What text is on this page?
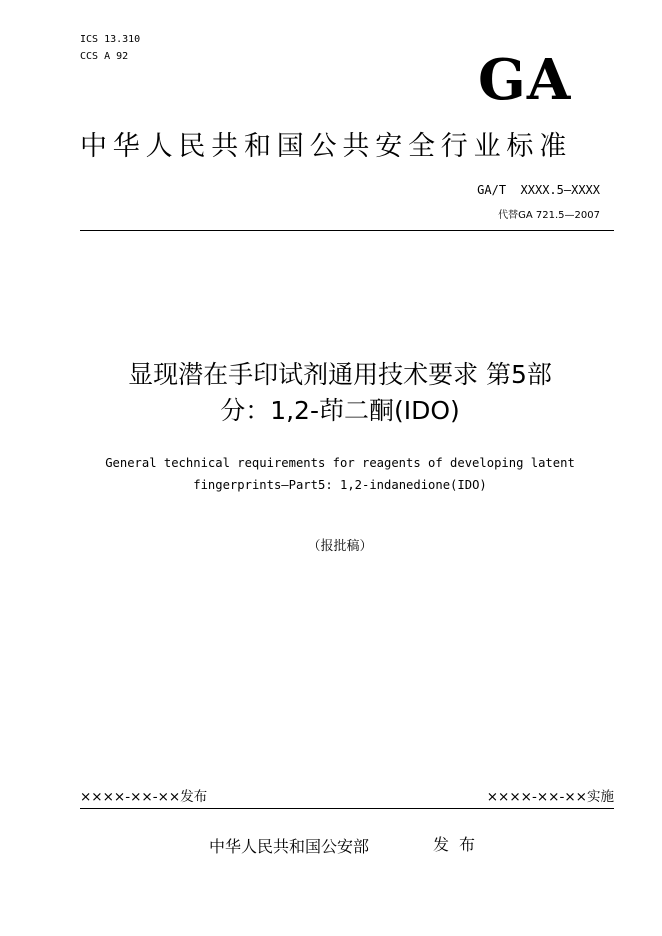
ICS 13.310
CCS A 92	GA
中华人民共和国公共安全行业标准
GA/T  XXXX.5—XXXX
代替GA 721.5—2007
显现潜在手印试剂通用技术要求 第5部
分：1,2-茚二酮(IDO)
General technical requirements for reagents of developing latent
fingerprints—Part5: 1,2-indanedione(IDO)
（报批稿）
××××-××-××发布	××××-××-××实施
中华人民共和国公安部	发布
